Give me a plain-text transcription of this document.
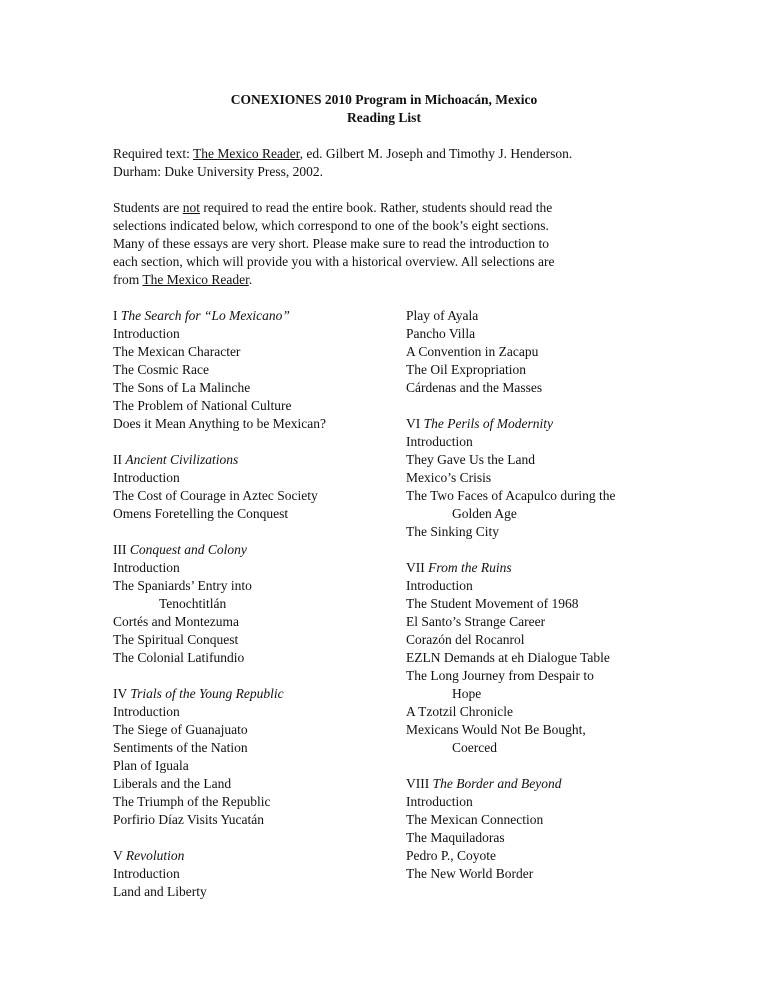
CONEXIONES 2010 Program in Michoacán, Mexico
Reading List
Required text: The Mexico Reader, ed. Gilbert M. Joseph and Timothy J. Henderson.
Durham: Duke University Press, 2002.
Students are not required to read the entire book. Rather, students should read the
selections indicated below, which correspond to one of the book’s eight sections.
Many of these essays are very short. Please make sure to read the introduction to
each section, which will provide you with a historical overview. All selections are
from The Mexico Reader.
I The Search for “Lo Mexicano”
Introduction
The Mexican Character
The Cosmic Race
The Sons of La Malinche
The Problem of National Culture
Does it Mean Anything to be Mexican?
II Ancient Civilizations
Introduction
The Cost of Courage in Aztec Society
Omens Foretelling the Conquest
III Conquest and Colony
Introduction
The Spaniards’ Entry into
Tenochtitlán
Cortés and Montezuma
The Spiritual Conquest
The Colonial Latifundio
IV Trials of the Young Republic
Introduction
The Siege of Guanajuato
Sentiments of the Nation
Plan of Iguala
Liberals and the Land
The Triumph of the Republic
Porfirio Díaz Visits Yucatán
V Revolution
Introduction
Land and Liberty
Play of Ayala
Pancho Villa
A Convention in Zacapu
The Oil Expropriation
Cárdenas and the Masses
VI The Perils of Modernity
Introduction
They Gave Us the Land
Mexico’s Crisis
The Two Faces of Acapulco during the
Golden Age
The Sinking City
VII From the Ruins
Introduction
The Student Movement of 1968
El Santo’s Strange Career
Corazón del Rocanrol
EZLN Demands at eh Dialogue Table
The Long Journey from Despair to
Hope
A Tzotzil Chronicle
Mexicans Would Not Be Bought,
Coerced
VIII The Border and Beyond
Introduction
The Mexican Connection
The Maquiladoras
Pedro P., Coyote
The New World Border
